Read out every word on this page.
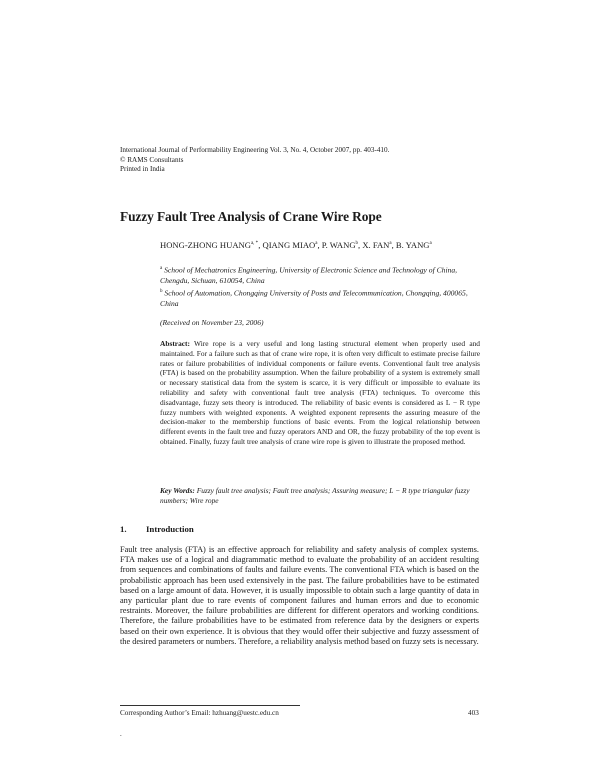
International Journal of Performability Engineering Vol. 3, No. 4, October 2007, pp. 403-410.
© RAMS Consultants
Printed in India
Fuzzy Fault Tree Analysis of Crane Wire Rope
HONG-ZHONG $HUANG^{a, *}$, QIANG MIAO$^a$, P. WANG$^b$, X. FAN$^a$, B. YANG$^a$
$^a$ School of Mechatronics Engineering, University of Electronic Science and Technology of China, Chengdu, Sichuan, 610054, China
$^b$ School of Automation, Chongqing University of Posts and Telecommunication, Chongqing, 400065, China
(Received on November 23, 2006)
Abstract: Wire rope is a very useful and long lasting structural element when properly used and maintained. For a failure such as that of crane wire rope, it is often very difficult to estimate precise failure rates or failure probabilities of individual components or failure events. Conventional fault tree analysis (FTA) is based on the probability assumption. When the failure probability of a system is extremely small or necessary statistical data from the system is scarce, it is very difficult or impossible to evaluate its reliability and safety with conventional fault tree analysis (FTA) techniques. To overcome this disadvantage, fuzzy sets theory is introduced. The reliability of basic events is considered as L − R type fuzzy numbers with weighted exponents. A weighted exponent represents the assuring measure of the decision-maker to the membership functions of basic events. From the logical relationship between different events in the fault tree and fuzzy operators AND and OR, the fuzzy probability of the top event is obtained. Finally, fuzzy fault tree analysis of crane wire rope is given to illustrate the proposed method.
Key Words: Fuzzy fault tree analysis; Fault tree analysis; Assuring measure; L − R type triangular fuzzy numbers; Wire rope
1. Introduction
Fault tree analysis (FTA) is an effective approach for reliability and safety analysis of complex systems. FTA makes use of a logical and diagrammatic method to evaluate the probability of an accident resulting from sequences and combinations of faults and failure events. The conventional FTA which is based on the probabilistic approach has been used extensively in the past. The failure probabilities have to be estimated based on a large amount of data. However, it is usually impossible to obtain such a large quantity of data in any particular plant due to rare events of component failures and human errors and due to economic restraints. Moreover, the failure probabilities are different for different operators and working conditions. Therefore, the failure probabilities have to be estimated from reference data by the designers or experts based on their own experience. It is obvious that they would offer their subjective and fuzzy assessment of the desired parameters or numbers. Therefore, a reliability analysis method based on fuzzy sets is necessary.
Corresponding Author’s Email: hzhuang@uestc.edu.cn	403
.
